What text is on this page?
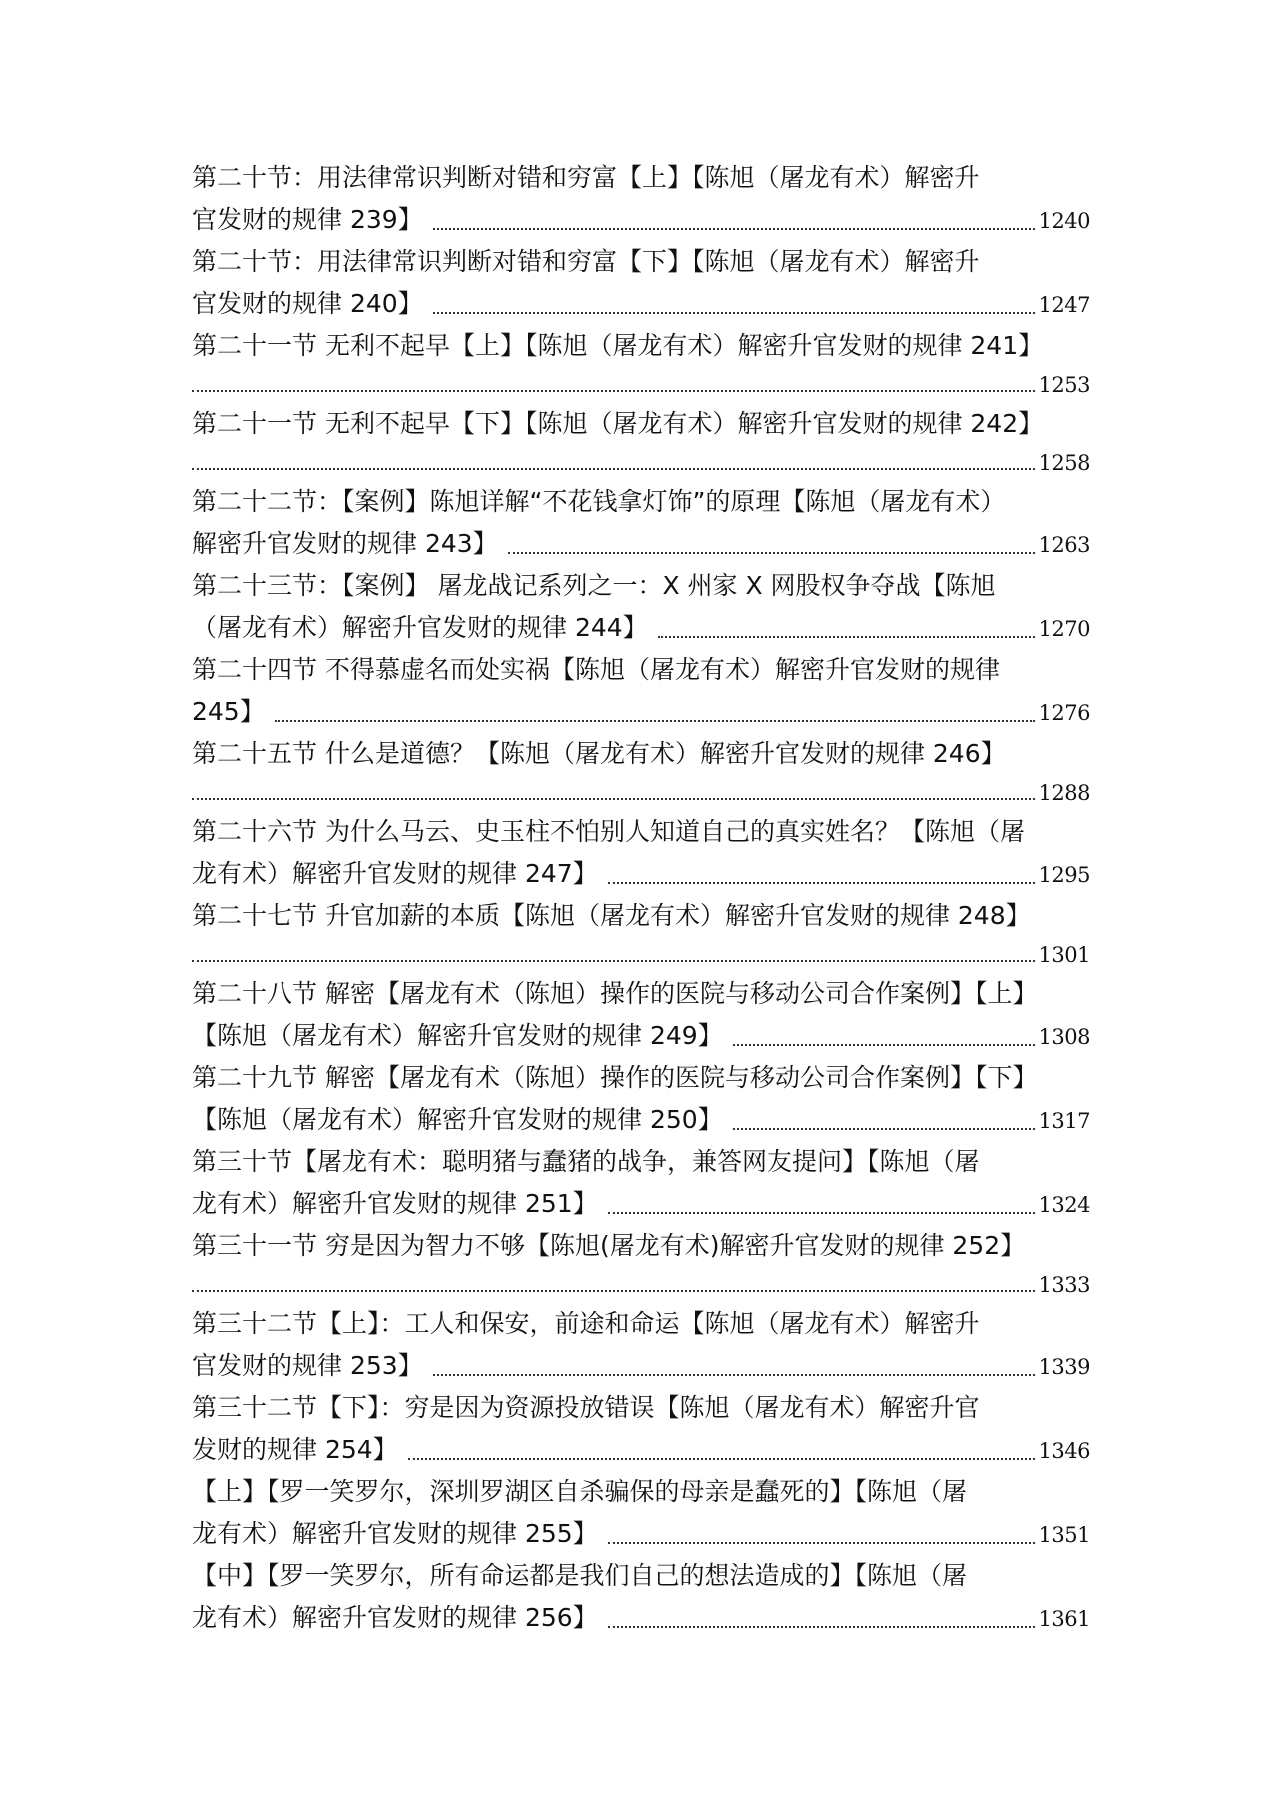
第二十节：用法律常识判断对错和穷富【上】【陈旭（屠龙有术）解密升
官发财的规律 239】	1240
第二十节：用法律常识判断对错和穷富【下】【陈旭（屠龙有术）解密升
官发财的规律 240】	1247
第二十一节 无利不起早【上】【陈旭（屠龙有术）解密升官发财的规律 241】
1253
第二十一节 无利不起早【下】【陈旭（屠龙有术）解密升官发财的规律 242】
1258
第二十二节：【案例】陈旭详解“不花钱拿灯饰”的原理【陈旭（屠龙有术）
解密升官发财的规律 243】	1263
第二十三节：【案例】 屠龙战记系列之一：X 州家 X 网股权争夺战【陈旭
（屠龙有术）解密升官发财的规律 244】	1270
第二十四节 不得慕虚名而处实祸【陈旭（屠龙有术）解密升官发财的规律
245】	1276
第二十五节 什么是道德？【陈旭（屠龙有术）解密升官发财的规律 246】
1288
第二十六节 为什么马云、史玉柱不怕别人知道自己的真实姓名？【陈旭（屠
龙有术）解密升官发财的规律 247】	1295
第二十七节 升官加薪的本质【陈旭（屠龙有术）解密升官发财的规律 248】
1301
第二十八节 解密【屠龙有术（陈旭）操作的医院与移动公司合作案例】【上】
【陈旭（屠龙有术）解密升官发财的规律 249】	1308
第二十九节 解密【屠龙有术（陈旭）操作的医院与移动公司合作案例】【下】
【陈旭（屠龙有术）解密升官发财的规律 250】	1317
第三十节【屠龙有术：聪明猪与蠢猪的战争，兼答网友提问】【陈旭（屠
龙有术）解密升官发财的规律 251】	1324
第三十一节 穷是因为智力不够【陈旭(屠龙有术)解密升官发财的规律 252】
1333
第三十二节【上】：工人和保安，前途和命运【陈旭（屠龙有术）解密升
官发财的规律 253】	1339
第三十二节【下】：穷是因为资源投放错误【陈旭（屠龙有术）解密升官
发财的规律 254】	1346
【上】【罗一笑罗尔，深圳罗湖区自杀骗保的母亲是蠢死的】【陈旭（屠
龙有术）解密升官发财的规律 255】	1351
【中】【罗一笑罗尔，所有命运都是我们自己的想法造成的】【陈旭（屠
龙有术）解密升官发财的规律 256】	1361
